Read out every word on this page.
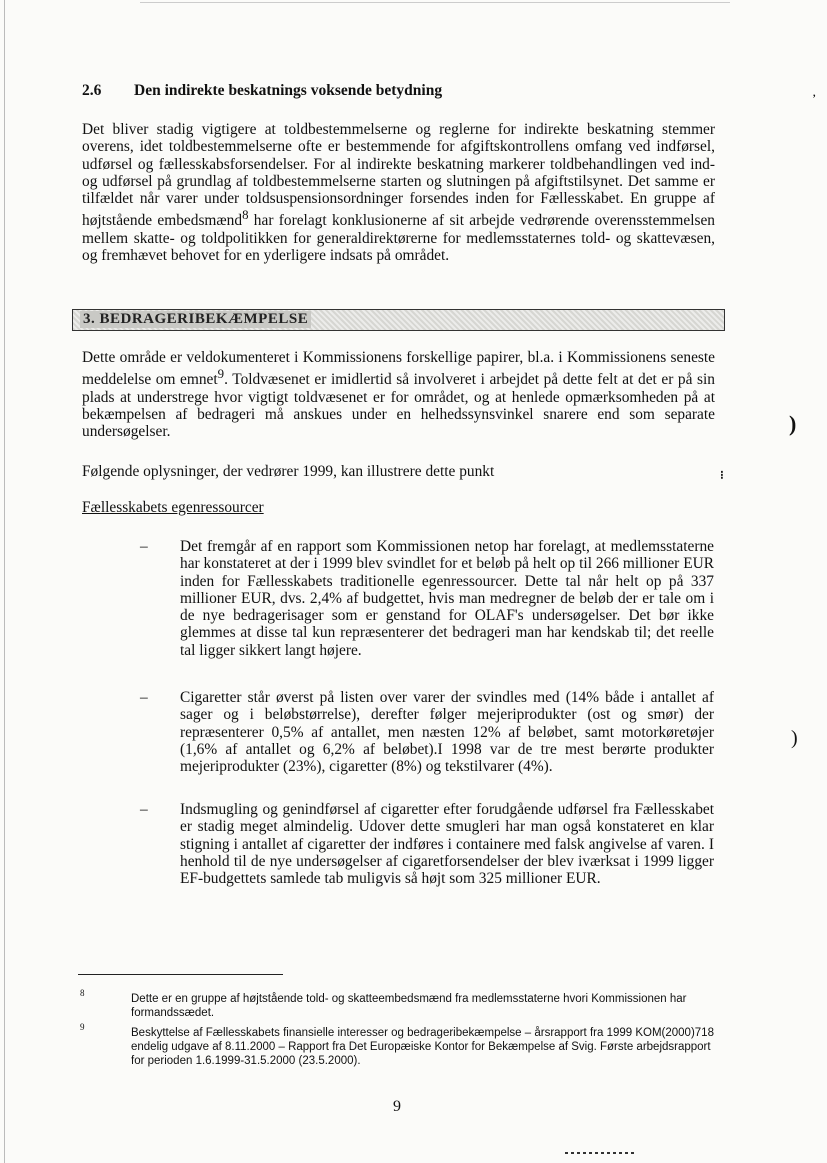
2.6 Den indirekte beskatnings voksende betydning

Det bliver stadig vigtigere at toldbestemmelserne og reglerne for indirekte beskatning stemmer overens, idet toldbestemmelserne ofte er bestemmende for afgiftskontrollens omfang ved indførsel, udførsel og fællesskabsforsendelser. For al indirekte beskatning markerer toldbehandlingen ved ind- og udførsel på grundlag af toldbestemmelserne starten og slutningen på afgiftstilsynet. Det samme er tilfældet når varer under toldsuspensionsordninger forsendes inden for Fællesskabet. En gruppe af højtstående embedsmænd$^8$ har forelagt konklusionerne af sit arbejde vedrørende overensstemmelsen mellem skatte- og toldpolitikken for generaldirektørerne for medlemsstaternes told- og skattevæsen, og fremhævet behovet for en yderligere indsats på området.

3. BEDRAGERIBEKÆMPELSE

Dette område er veldokumenteret i Kommissionens forskellige papirer, bl.a. i Kommissionens seneste meddelelse om emnet$^9$. Toldvæsenet er imidlertid så involveret i arbejdet på dette felt at det er på sin plads at understrege hvor vigtigt toldvæsenet er for området, og at henlede opmærksomheden på at bekæmpelsen af bedrageri må anskues under en helhedssynsvinkel snarere end som separate undersøgelser.

Følgende oplysninger, der vedrører 1999, kan illustrere dette punkt

Fællesskabets egenressourcer
– Det fremgår af en rapport som Kommissionen netop har forelagt, at medlemsstaterne har konstateret at der i 1999 blev svindlet for et beløb på helt op til 266 millioner EUR inden for Fællesskabets traditionelle egenressourcer. Dette tal når helt op på 337 millioner EUR, dvs. 2,4% af budgettet, hvis man medregner de beløb der er tale om i de nye bedragerisager som er genstand for OLAF's undersøgelser. Det bør ikke glemmes at disse tal kun repræsenterer det bedrageri man har kendskab til; det reelle tal ligger sikkert langt højere.

– Cigaretter står øverst på listen over varer der svindles med (14% både i antallet af sager og i beløbstørrelse), derefter følger mejeriprodukter (ost og smør) der repræsenterer 0,5% af antallet, men næsten 12% af beløbet, samt motorkøretøjer (1,6% af antallet og 6,2% af beløbet).I 1998 var de tre mest berørte produkter mejeriprodukter (23%), cigaretter (8%) og tekstilvarer (4%).

– Indsmugling og genindførsel af cigaretter efter forudgående udførsel fra Fællesskabet er stadig meget almindelig. Udover dette smugleri har man også konstateret en klar stigning i antallet af cigaretter der indføres i containere med falsk angivelse af varen. I henhold til de nye undersøgelser af cigaretforsendelser der blev iværksat i 1999 ligger EF-budgettets samlede tab muligvis så højt som 325 millioner EUR.

8	Dette er en gruppe af højtstående told- og skatteembedsmænd fra medlemsstaterne hvori Kommissionen har formandssædet.

9	Beskyttelse af Fællesskabets finansielle interesser og bedrageribekæmpelse – årsrapport fra 1999 KOM(2000)718 endelig udgave af 8.11.2000 – Rapport fra Det Europæiske Kontor for Bekæmpelse af Svig. Første arbejdsrapport for perioden 1.6.1999-31.5.2000 (23.5.2000).

9
)
)
,
⁝
